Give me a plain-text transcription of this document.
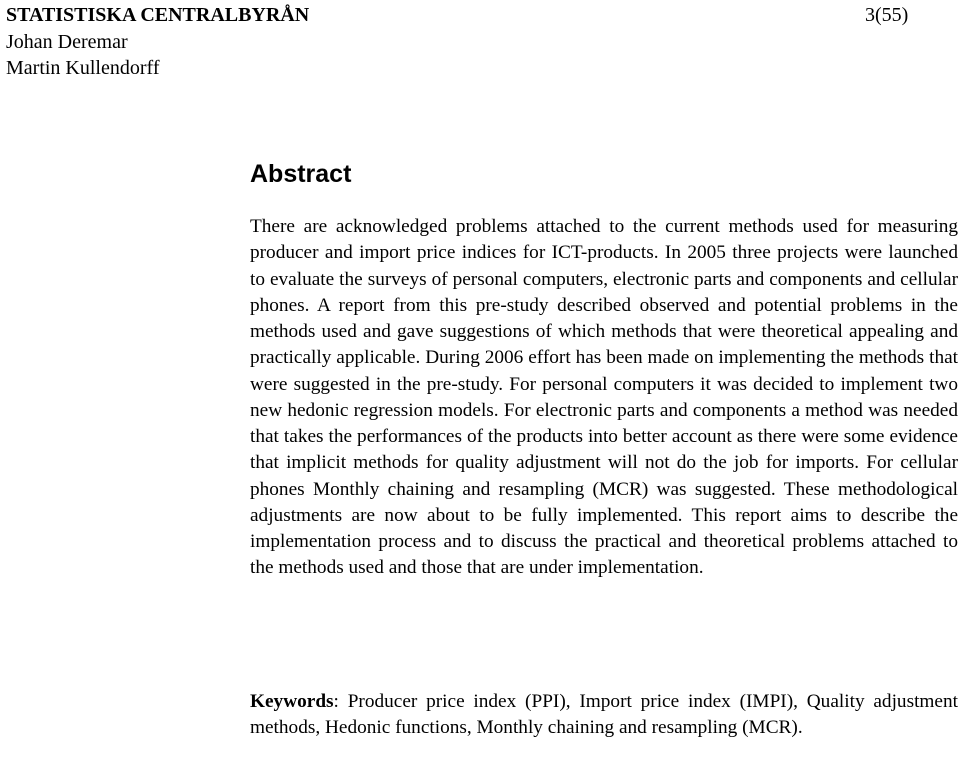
STATISTISKA CENTRALBYRÅN	3(55)
Johan Deremar
Martin Kullendorff
Abstract

There are acknowledged problems attached to the current methods used for measuring producer and import price indices for ICT-products. In 2005 three projects were launched to evaluate the surveys of personal computers, electronic parts and components and cellular phones. A report from this pre-study described observed and potential problems in the methods used and gave suggestions of which methods that were theoretical appealing and practically applicable. During 2006 effort has been made on implementing the methods that were suggested in the pre-study. For personal computers it was decided to implement two new hedonic regression models. For electronic parts and components a method was needed that takes the performances of the products into better account as there were some evidence that implicit methods for quality adjustment will not do the job for imports. For cellular phones Monthly chaining and resampling (MCR) was suggested. These methodological adjustments are now about to be fully implemented. This report aims to describe the implementation process and to discuss the practical and theoretical problems attached to the methods used and those that are under implementation.

Keywords: Producer price index (PPI), Import price index (IMPI), Quality adjustment methods, Hedonic functions, Monthly chaining and resampling (MCR).
